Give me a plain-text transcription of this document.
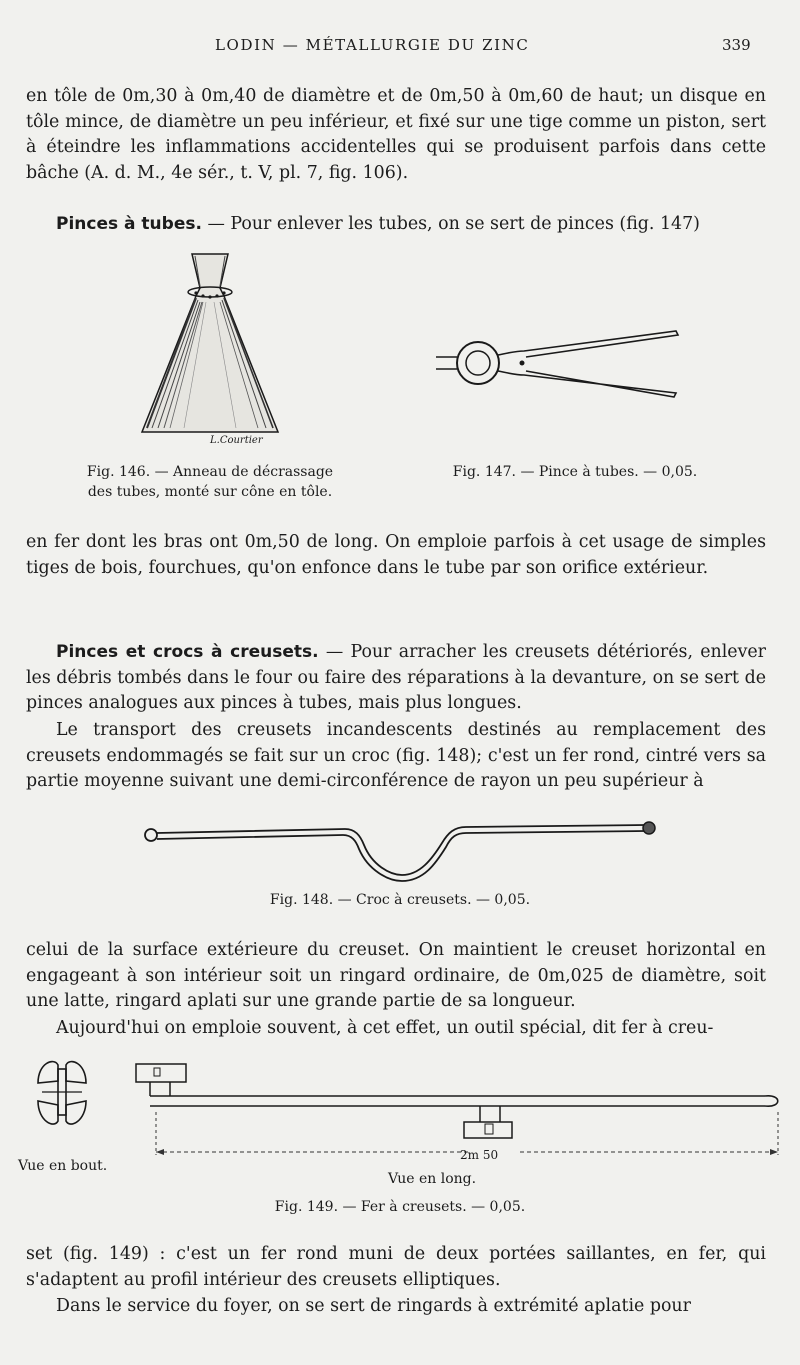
LODIN — MÉTALLURGIE DU ZINC	339

en tôle de 0m,30 à 0m,40 de diamètre et de 0m,50 à 0m,60 de haut; un disque en tôle mince, de diamètre un peu inférieur, et fixé sur une tige comme un piston, sert à éteindre les inflammations accidentelles qui se produisent parfois dans cette bâche (A. d. M., 4e sér., t. V, pl. 7, fig. 106).

Pinces à tubes. — Pour enlever les tubes, on se sert de pinces (fig. 147)

L.Courtier
Fig. 146. — Anneau de décrassage
des tubes, monté sur cône en tôle.
Fig. 147. — Pince à tubes. — 0,05.

en fer dont les bras ont 0m,50 de long. On emploie parfois à cet usage de simples tiges de bois, fourchues, qu'on enfonce dans le tube par son orifice extérieur.

Pinces et crocs à creusets. — Pour arracher les creusets détériorés, enlever les débris tombés dans le four ou faire des réparations à la devanture, on se sert de pinces analogues aux pinces à tubes, mais plus longues.

Le transport des creusets incandescents destinés au remplacement des creusets endommagés se fait sur un croc (fig. 148); c'est un fer rond, cintré vers sa partie moyenne suivant une demi-circonférence de rayon un peu supérieur à

Fig. 148. — Croc à creusets. — 0,05.

celui de la surface extérieure du creuset. On maintient le creuset horizontal en engageant à son intérieur soit un ringard ordinaire, de 0m,025 de diamètre, soit une latte, ringard aplati sur une grande partie de sa longueur.

Aujourd'hui on emploie souvent, à cet effet, un outil spécial, dit fer à creu-

Vue en bout.
2m 50
Vue en long.
Fig. 149. — Fer à creusets. — 0,05.

set (fig. 149) : c'est un fer rond muni de deux portées saillantes, en fer, qui s'adaptent au profil intérieur des creusets elliptiques.

Dans le service du foyer, on se sert de ringards à extrémité aplatie pour
